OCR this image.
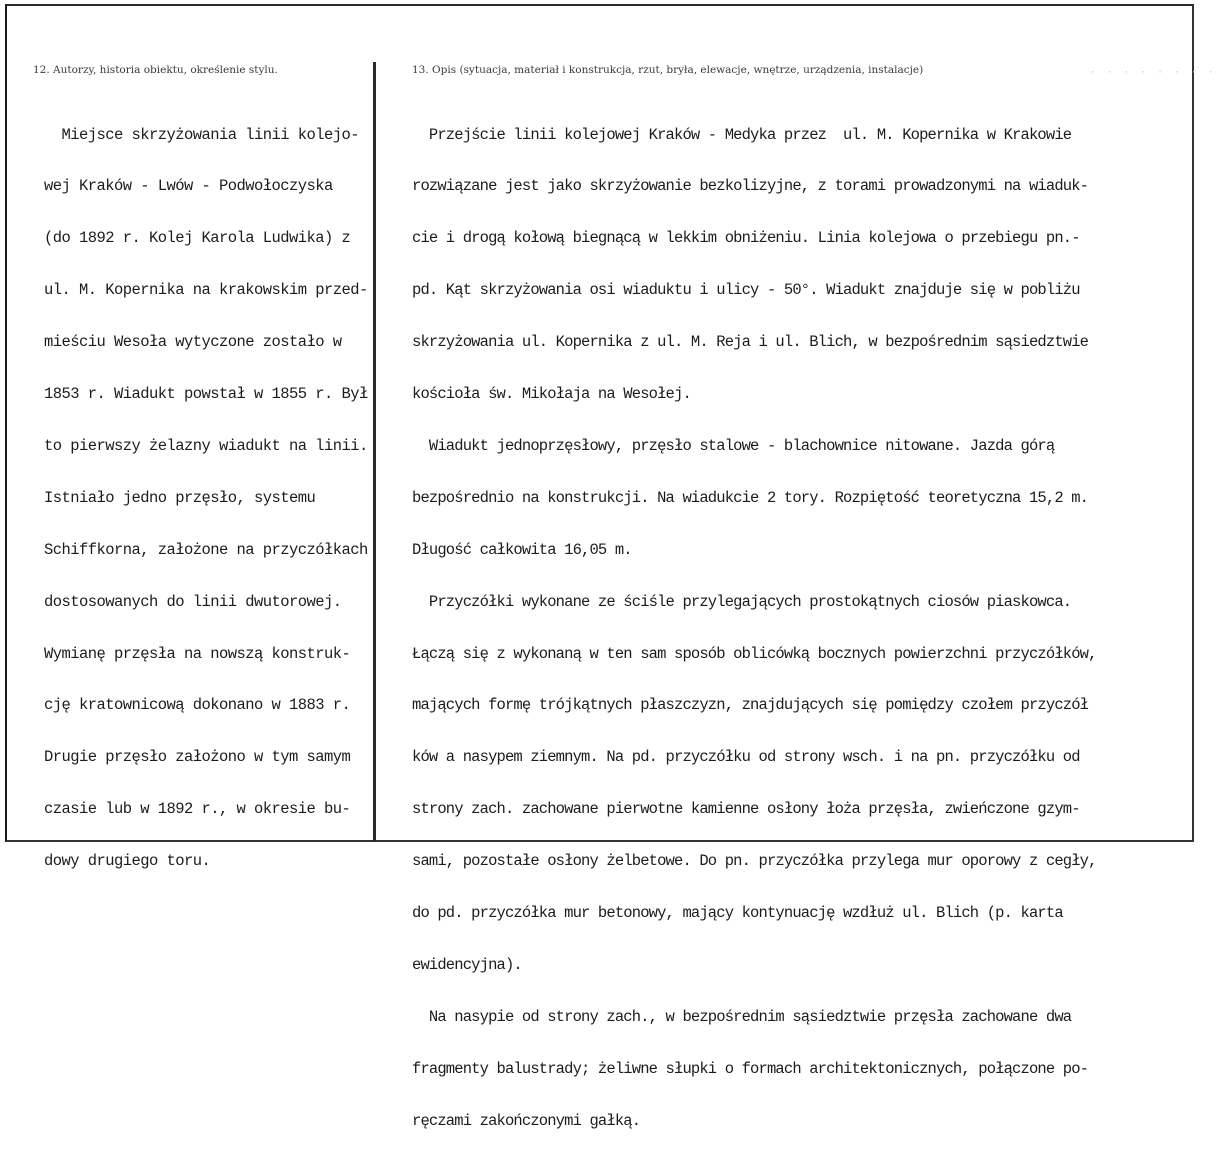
12. Autorzy, historia obiektu, określenie stylu.	13. Opis (sytuacja, materiał i konstrukcja, rzut, bryła, elewacje, wnętrze, urządzenia, instalacje)	· · · · · · · ·

Miejsce skrzyżowania linii kolejo-

wej Kraków - Lwów - Podwołoczyska

(do 1892 r. Kolej Karola Ludwika) z

ul. M. Kopernika na krakowskim przed-

mieściu Wesoła wytyczone zostało w

1853 r. Wiadukt powstał w 1855 r. Był

to pierwszy żelazny wiadukt na linii.

Istniało jedno przęsło, systemu

Schiffkorna, założone na przyczółkach

dostosowanych do linii dwutorowej.

Wymianę przęsła na nowszą konstruk-

cję kratownicową dokonano w 1883 r.

Drugie przęsło założono w tym samym

czasie lub w 1892 r., w okresie bu-

dowy drugiego toru.

Przejście linii kolejowej Kraków - Medyka przez  ul. M. Kopernika w Krakowie

rozwiązane jest jako skrzyżowanie bezkolizyjne, z torami prowadzonymi na wiaduk-

cie i drogą kołową biegnącą w lekkim obniżeniu. Linia kolejowa o przebiegu pn.-

pd. Kąt skrzyżowania osi wiaduktu i ulicy - 50°. Wiadukt znajduje się w pobliżu

skrzyżowania ul. Kopernika z ul. M. Reja i ul. Blich, w bezpośrednim sąsiedztwie

kościoła św. Mikołaja na Wesołej.

Wiadukt jednoprzęsłowy, przęsło stalowe - blachownice nitowane. Jazda górą

bezpośrednio na konstrukcji. Na wiadukcie 2 tory. Rozpiętość teoretyczna 15,2 m.

Długość całkowita 16,05 m.

Przyczółki wykonane ze ściśle przylegających prostokątnych ciosów piaskowca.

Łączą się z wykonaną w ten sam sposób oblicówką bocznych powierzchni przyczółków,

mających formę trójkątnych płaszczyzn, znajdujących się pomiędzy czołem przyczół

ków a nasypem ziemnym. Na pd. przyczółku od strony wsch. i na pn. przyczółku od

strony zach. zachowane pierwotne kamienne osłony łoża przęsła, zwieńczone gzym-

sami, pozostałe osłony żelbetowe. Do pn. przyczółka przylega mur oporowy z cegły,

do pd. przyczółka mur betonowy, mający kontynuację wzdłuż ul. Blich (p. karta

ewidencyjna).

Na nasypie od strony zach., w bezpośrednim sąsiedztwie przęsła zachowane dwa

fragmenty balustrady; żeliwne słupki o formach architektonicznych, połączone po-

ręczami zakończonymi gałką.
